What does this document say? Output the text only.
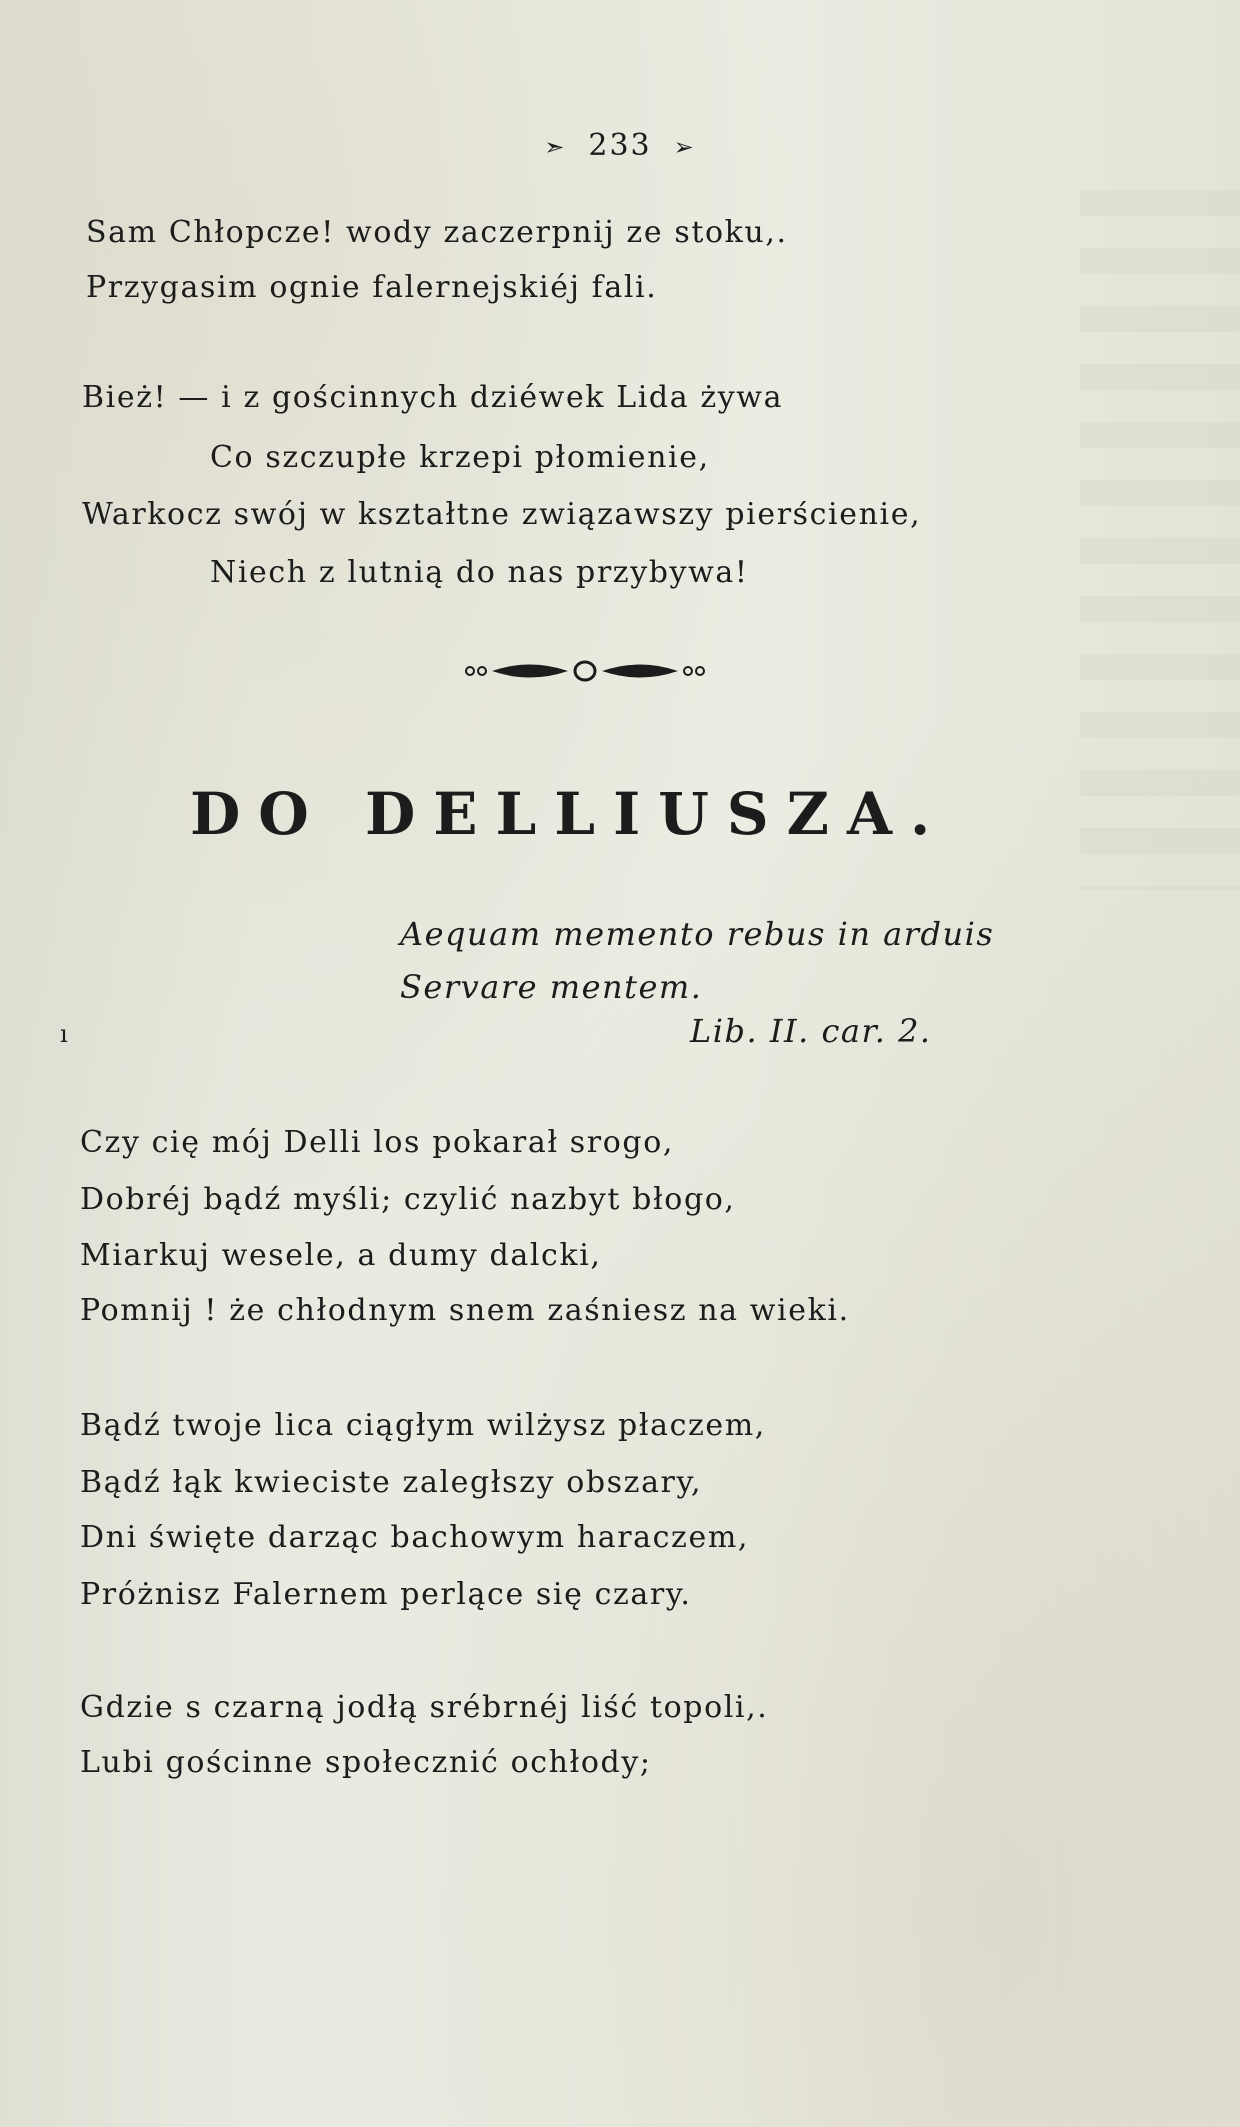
➣ 233 ➢
Sam Chłopcze! wody zaczerpnij ze stoku,.
Przygasim ognie falernejskiéj fali.
Bież! — i z gościnnych dziéwek Lida żywa
Co szczupłe krzepi płomienie,
Warkocz swój w kształtne związawszy pierścienie,
Niech z lutnią do nas przybywa!
DO DELLIUSZA.
Aequam memento rebus in arduis
Servare mentem.
Lib. II. car. 2.
ı
Czy cię mój Delli los pokarał srogo,
Dobréj bądź myśli; czylić nazbyt błogo,
Miarkuj wesele, a dumy dalcki,
Pomnij ! że chłodnym snem zaśniesz na wieki.
Bądź twoje lica ciągłym wilżysz płaczem,
Bądź łąk kwieciste zaległszy obszary,
Dni święte darząc bachowym haraczem,
Próżnisz Falernem perlące się czary.
Gdzie s czarną jodłą srébrnéj liść topoli,.
Lubi gościnne społecznić ochłody;
